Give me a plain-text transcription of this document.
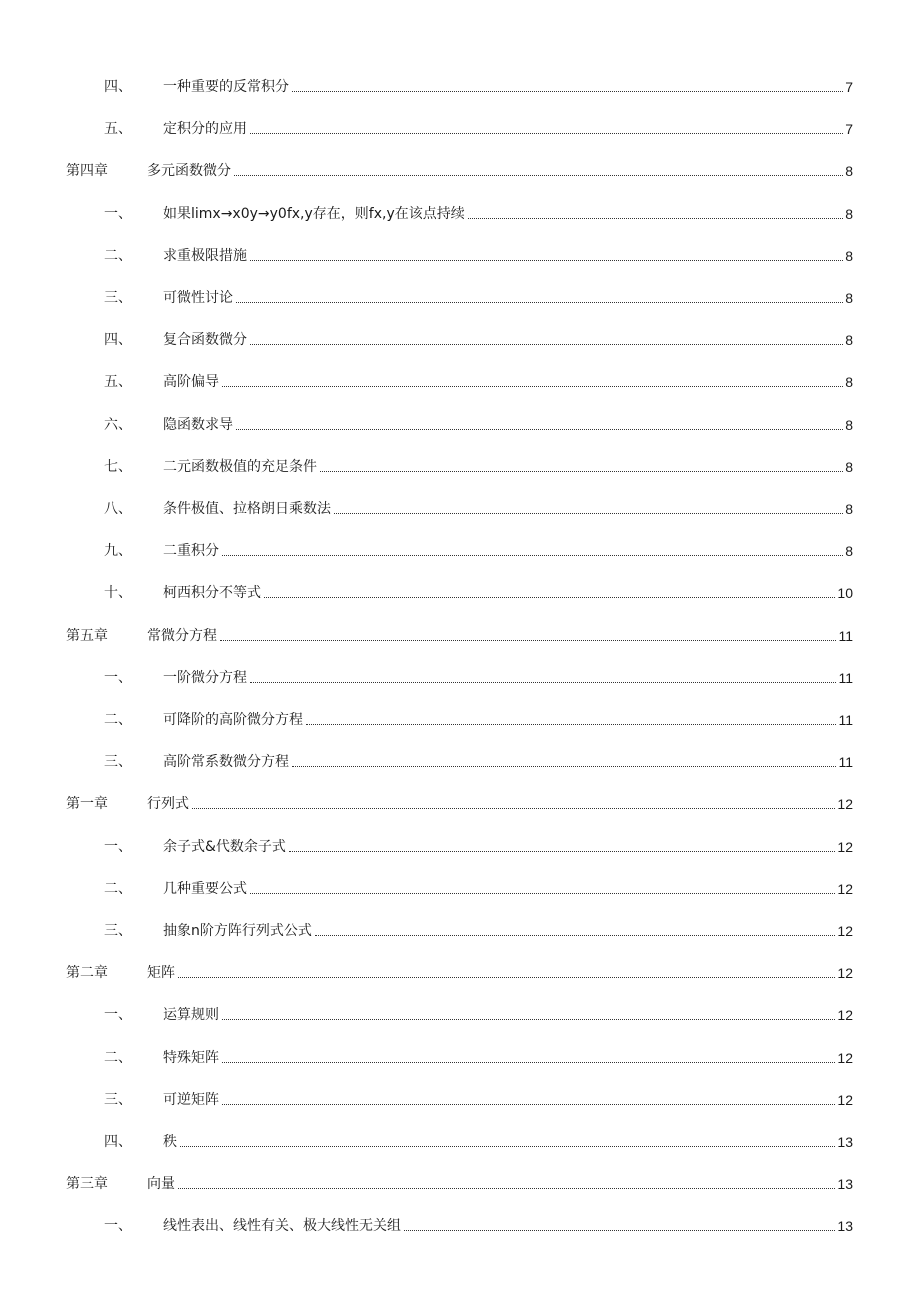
四、	一种重要的反常积分	7
五、	定积分的应用	7
第四章	多元函数微分	8
一、	如果limx→x0y→y0fx,y存在，则fx,y在该点持续	8
二、	求重极限措施	8
三、	可微性讨论	8
四、	复合函数微分	8
五、	高阶偏导	8
六、	隐函数求导	8
七、	二元函数极值的充足条件	8
八、	条件极值、拉格朗日乘数法	8
九、	二重积分	8
十、	柯西积分不等式	10
第五章	常微分方程	11
一、	一阶微分方程	11
二、	可降阶的高阶微分方程	11
三、	高阶常系数微分方程	11
第一章	行列式	12
一、	余子式&代数余子式	12
二、	几种重要公式	12
三、	抽象n阶方阵行列式公式	12
第二章	矩阵	12
一、	运算规则	12
二、	特殊矩阵	12
三、	可逆矩阵	12
四、	秩	13
第三章	向量	13
一、	线性表出、线性有关、极大线性无关组	13
